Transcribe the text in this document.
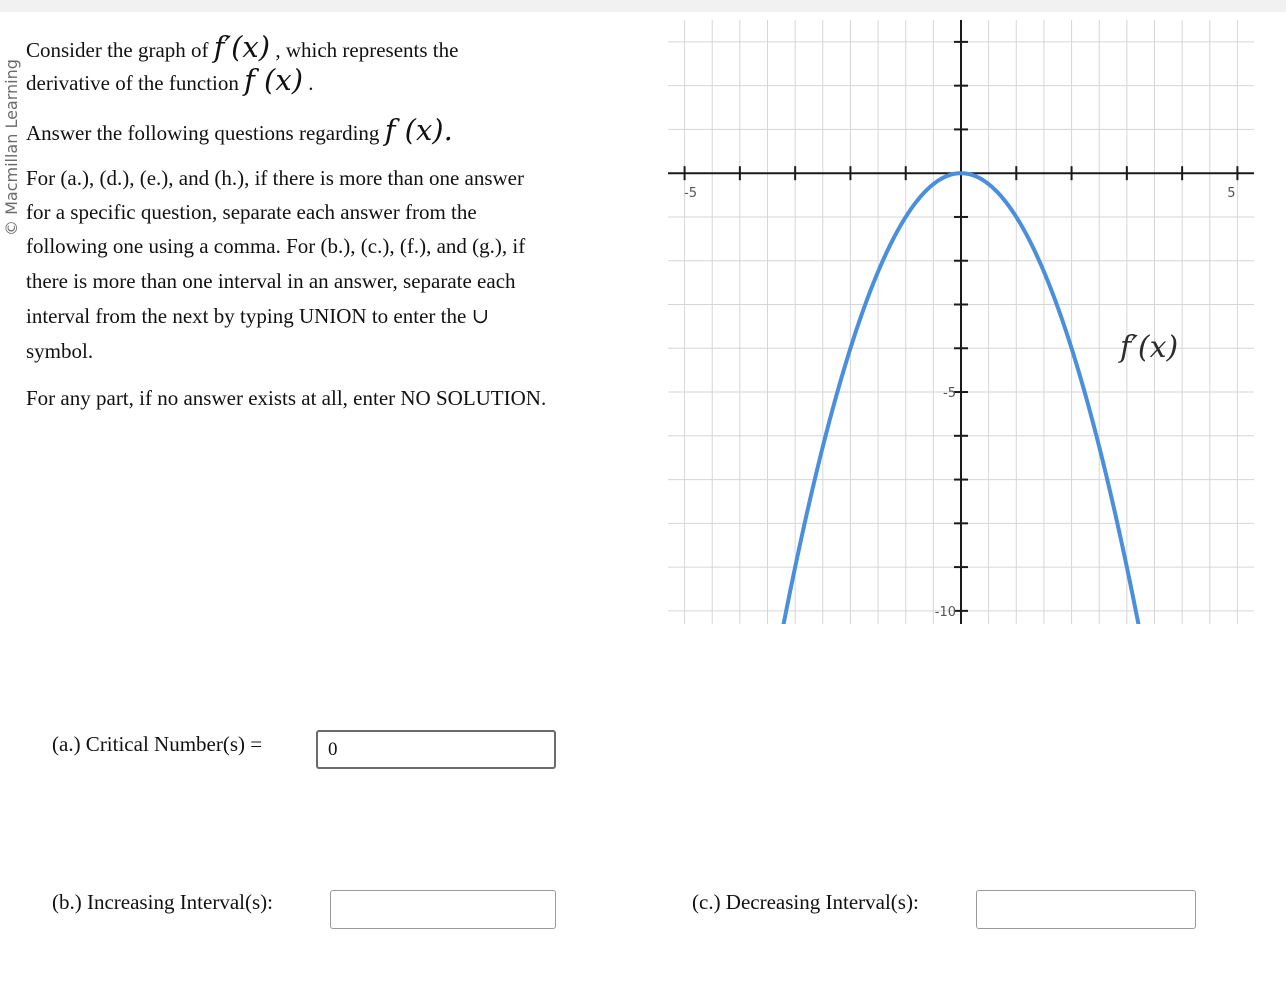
© Macmillan Learning
Consider the graph of f′(x) , which represents the
derivative of the function f (x) .
Answer the following questions regarding f (x).
For (a.), (d.), (e.), and (h.), if there is more than one answer
for a specific question, separate each answer from the
following one using a comma. For (b.), (c.), (f.), and (g.), if
there is more than one interval in an answer, separate each
interval from the next by typing UNION to enter the ∪
symbol.
For any part, if no answer exists at all, enter NO SOLUTION.
-5	5
-5
-10
f′(x)
(a.) Critical Number(s) =
0
(b.) Increasing Interval(s):	(c.) Decreasing Interval(s):
